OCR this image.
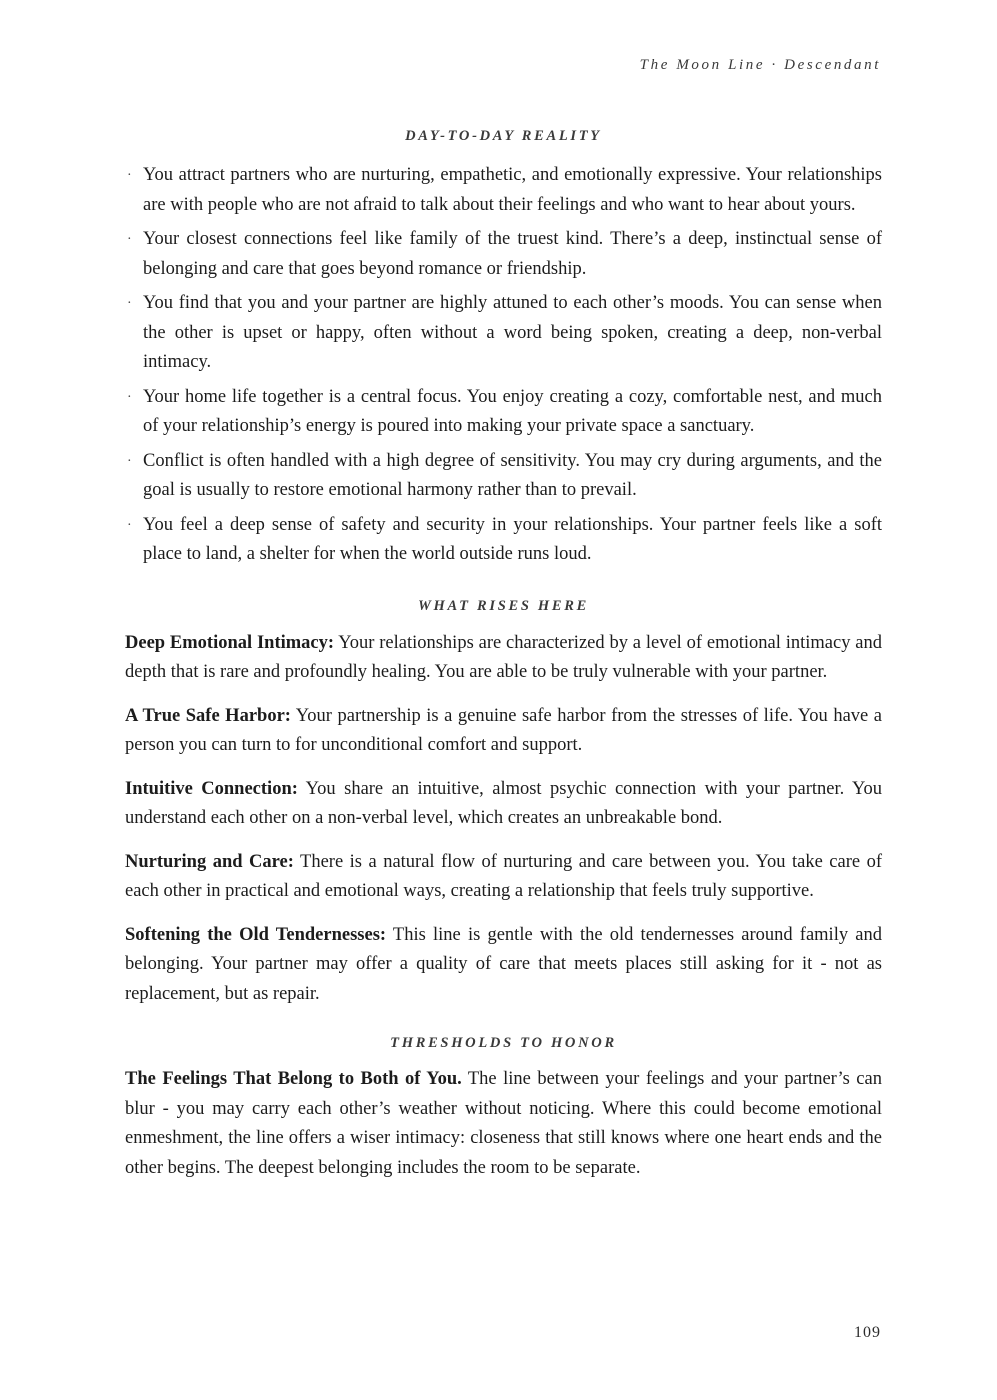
The Moon Line · Descendant
DAY-TO-DAY REALITY
· You attract partners who are nurturing, empathetic, and emotionally expressive. Your relationships are with people who are not afraid to talk about their feelings and who want to hear about yours.
· Your closest connections feel like family of the truest kind. There’s a deep, instinctual sense of belonging and care that goes beyond romance or friendship.
· You find that you and your partner are highly attuned to each other’s moods. You can sense when the other is upset or happy, often without a word being spoken, creating a deep, non-verbal intimacy.
· Your home life together is a central focus. You enjoy creating a cozy, comfortable nest, and much of your relationship’s energy is poured into making your private space a sanctuary.
· Conflict is often handled with a high degree of sensitivity. You may cry during arguments, and the goal is usually to restore emotional harmony rather than to prevail.
· You feel a deep sense of safety and security in your relationships. Your partner feels like a soft place to land, a shelter for when the world outside runs loud.
WHAT RISES HERE

Deep Emotional Intimacy: Your relationships are characterized by a level of emotional intimacy and depth that is rare and profoundly healing. You are able to be truly vulnerable with your partner.

A True Safe Harbor: Your partnership is a genuine safe harbor from the stresses of life. You have a person you can turn to for unconditional comfort and support.

Intuitive Connection: You share an intuitive, almost psychic connection with your partner. You understand each other on a non-verbal level, which creates an unbreakable bond.

Nurturing and Care: There is a natural flow of nurturing and care between you. You take care of each other in practical and emotional ways, creating a relationship that feels truly supportive.

Softening the Old Tendernesses: This line is gentle with the old tendernesses around family and belonging. Your partner may offer a quality of care that meets places still asking for it - not as replacement, but as repair.

THRESHOLDS TO HONOR

The Feelings That Belong to Both of You. The line between your feelings and your partner’s can blur - you may carry each other’s weather without noticing. Where this could become emotional enmeshment, the line offers a wiser intimacy: closeness that still knows where one heart ends and the other begins. The deepest belonging includes the room to be separate.

109
